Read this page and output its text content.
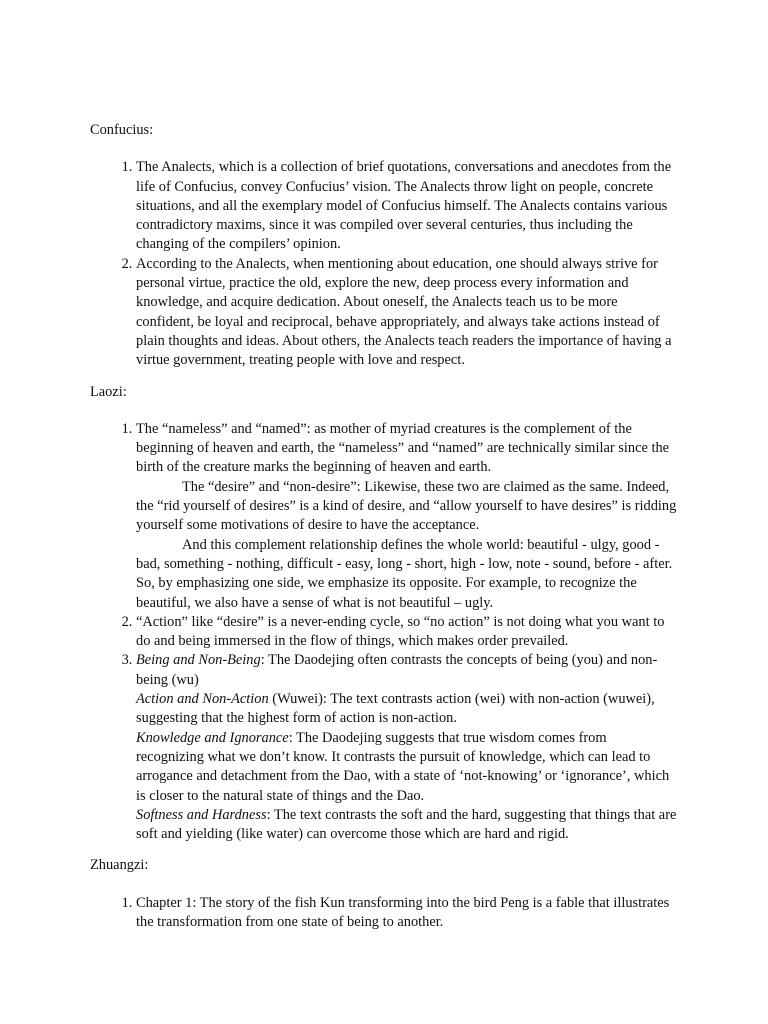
Confucius:

1. The Analects, which is a collection of brief quotations, conversations and anecdotes from the life of Confucius, convey Confucius’ vision. The Analects throw light on people, concrete situations, and all the exemplary model of Confucius himself. The Analects contains various contradictory maxims, since it was compiled over several centuries, thus including the changing of the compilers’ opinion.
2. According to the Analects, when mentioning about education, one should always strive for personal virtue, practice the old, explore the new, deep process every information and knowledge, and acquire dedication. About oneself, the Analects teach us to be more confident, be loyal and reciprocal, behave appropriately, and always take actions instead of plain thoughts and ideas. About others, the Analects teach readers the importance of having a virtue government, treating people with love and respect.

Laozi:

1. The “nameless” and “named”: as mother of myriad creatures is the complement of the beginning of heaven and earth, the “nameless” and “named” are technically similar since the birth of the creature marks the beginning of heaven and earth.
The “desire” and “non-desire”: Likewise, these two are claimed as the same. Indeed, the “rid yourself of desires” is a kind of desire, and “allow yourself to have desires” is ridding yourself some motivations of desire to have the acceptance.
And this complement relationship defines the whole world: beautiful - ulgy, good - bad, something - nothing, difficult - easy, long - short, high - low, note - sound, before - after. So, by emphasizing one side, we emphasize its opposite. For example, to recognize the beautiful, we also have a sense of what is not beautiful – ugly.
2. “Action” like “desire” is a never-ending cycle, so “no action” is not doing what you want to do and being immersed in the flow of things, which makes order prevailed.
3. Being and Non-Being: The Daodejing often contrasts the concepts of being (you) and non-being (wu)
Action and Non-Action (Wuwei): The text contrasts action (wei) with non-action (wuwei), suggesting that the highest form of action is non-action.
Knowledge and Ignorance: The Daodejing suggests that true wisdom comes from recognizing what we don’t know. It contrasts the pursuit of knowledge, which can lead to arrogance and detachment from the Dao, with a state of ‘not-knowing’ or ‘ignorance’, which is closer to the natural state of things and the Dao.
Softness and Hardness: The text contrasts the soft and the hard, suggesting that things that are soft and yielding (like water) can overcome those which are hard and rigid.

Zhuangzi:

1. Chapter 1: The story of the fish Kun transforming into the bird Peng is a fable that illustrates the transformation from one state of being to another.
